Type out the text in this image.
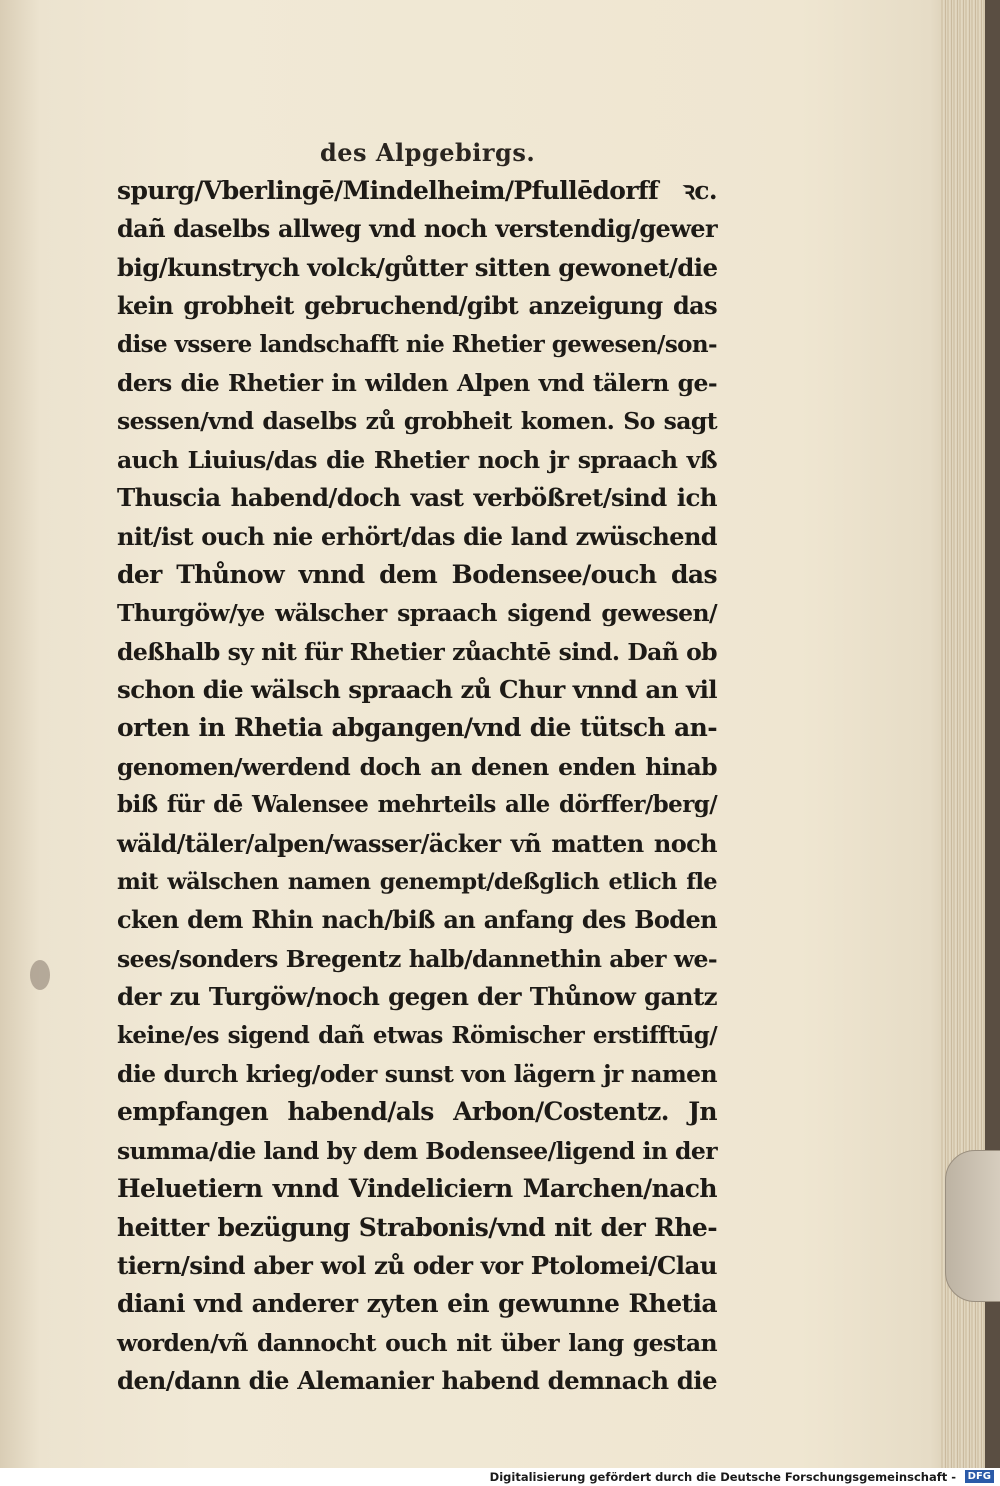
des Alpgebirgs.
spurg/Vberlingē/Mindelheim/Pfullēdorff ꝛc.
dañ daselbs allweg vnd noch verstendig/gewer
big/kunstrych volck/gůtter sitten gewonet/die
kein grobheit gebruchend/gibt anzeigung das
dise vssere landschafft nie Rhetier gewesen/son-
ders die Rhetier in wilden Alpen vnd tälern ge-
sessen/vnd daselbs zů grobheit komen. So sagt
auch Liuius/das die Rhetier noch jr spraach vß
Thuscia habend/doch vast verbößret/sind ich
nit/ist ouch nie erhört/das die land zwüschend
der Thůnow vnnd dem Bodensee/ouch das
Thurgöw/ye wälscher spraach sigend gewesen/
deßhalb sy nit für Rhetier zůachtē sind. Dañ ob
schon die wälsch spraach zů Chur vnnd an vil
orten in Rhetia abgangen/vnd die tütsch an-
genomen/werdend doch an denen enden hinab
biß für dē Walensee mehrteils alle dörffer/berg/
wäld/täler/alpen/wasser/äcker vñ matten noch
mit wälschen namen genempt/deßglich etlich fle
cken dem Rhin nach/biß an anfang des Boden
sees/sonders Bregentz halb/dannethin aber we-
der zu Turgöw/noch gegen der Thůnow gantz
keine/es sigend dañ etwas Römischer erstifftūg/
die durch krieg/oder sunst von lägern jr namen
empfangen habend/als Arbon/Costentz. Jn
summa/die land by dem Bodensee/ligend in der
Heluetiern vnnd Vindeliciern Marchen/nach
heitter bezügung Strabonis/vnd nit der Rhe-
tiern/sind aber wol zů oder vor Ptolomei/Clau
diani vnd anderer zyten ein gewunne Rhetia
worden/vñ dannocht ouch nit über lang gestan
den/dann die Alemanier habend demnach die
Digitalisierung gefördert durch die Deutsche Forschungsgemeinschaft -	DFG
